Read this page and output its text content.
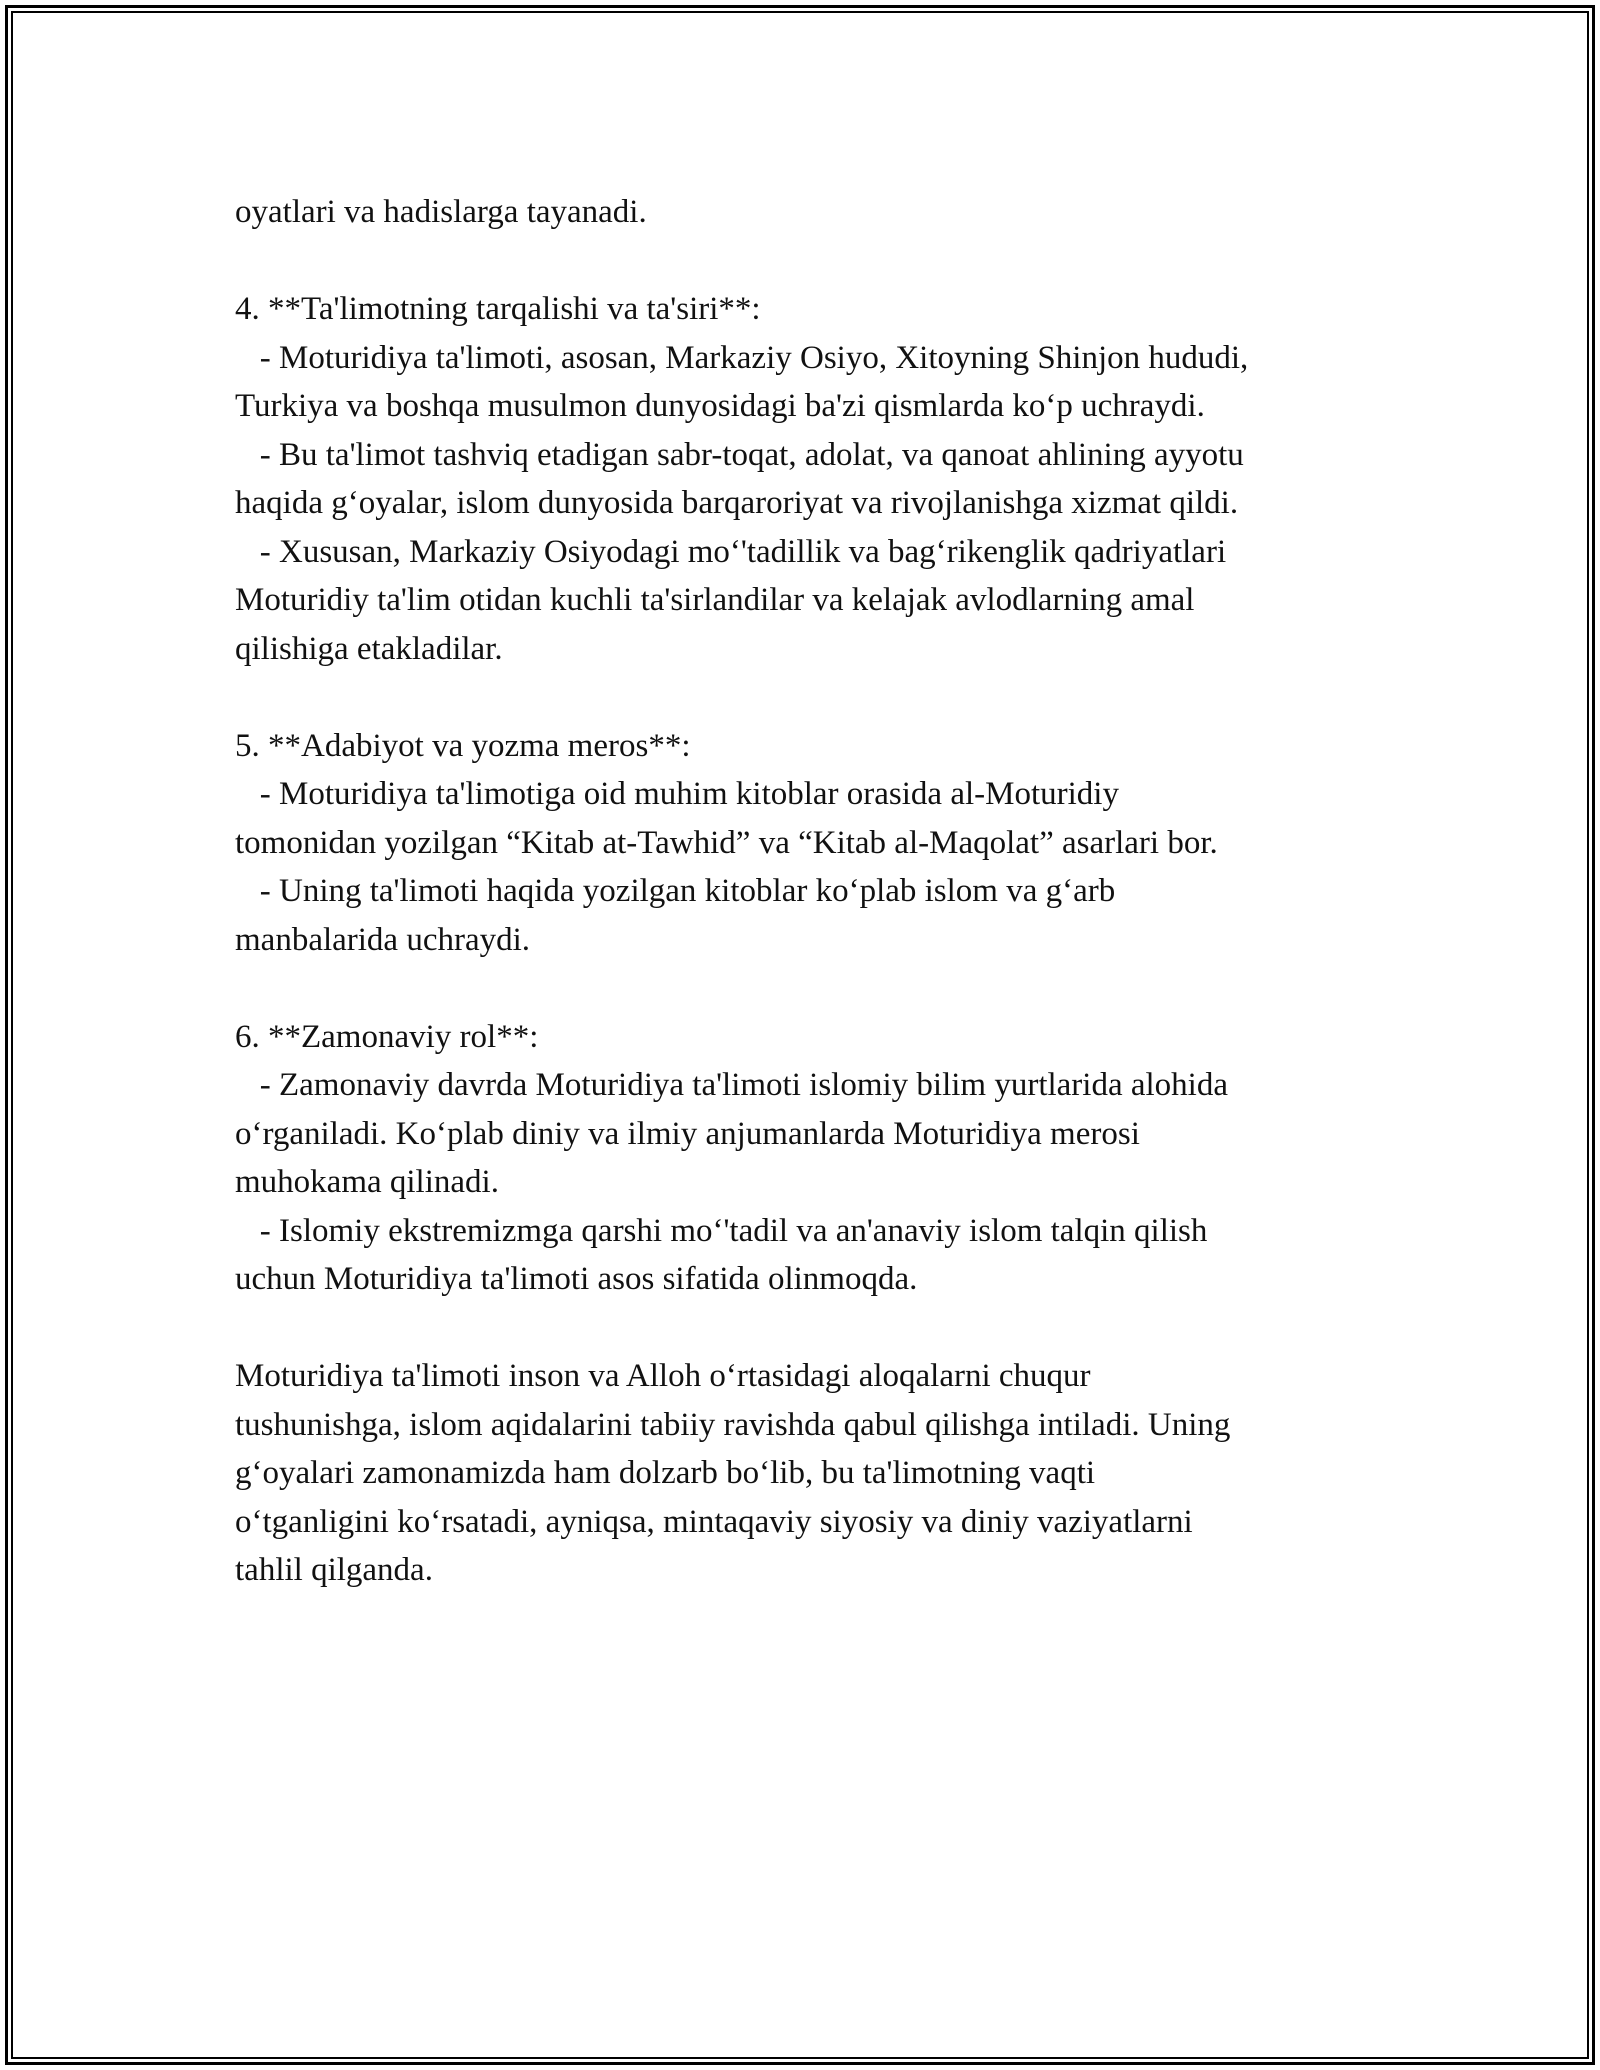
oyatlari va hadislarga tayanadi.
4. **Ta'limotning tarqalishi va ta'siri**:
- Moturidiya ta'limoti, asosan, Markaziy Osiyo, Xitoyning Shinjon hududi,
Turkiya va boshqa musulmon dunyosidagi ba'zi qismlarda koʻp uchraydi.
- Bu ta'limot tashviq etadigan sabr-toqat, adolat, va qanoat ahlining ayyotu
haqida gʻoyalar, islom dunyosida barqaroriyat va rivojlanishga xizmat qildi.
- Xususan, Markaziy Osiyodagi moʻ'tadillik va bagʻrikenglik qadriyatlari
Moturidiy ta'lim otidan kuchli ta'sirlandilar va kelajak avlodlarning amal
qilishiga etakladilar.
5. **Adabiyot va yozma meros**:
- Moturidiya ta'limotiga oid muhim kitoblar orasida al-Moturidiy
tomonidan yozilgan “Kitab at-Tawhid” va “Kitab al-Maqolat” asarlari bor.
- Uning ta'limoti haqida yozilgan kitoblar koʻplab islom va gʻarb
manbalarida uchraydi.
6. **Zamonaviy rol**:
- Zamonaviy davrda Moturidiya ta'limoti islomiy bilim yurtlarida alohida
oʻrganiladi. Koʻplab diniy va ilmiy anjumanlarda Moturidiya merosi
muhokama qilinadi.
- Islomiy ekstremizmga qarshi moʻ'tadil va an'anaviy islom talqin qilish
uchun Moturidiya ta'limoti asos sifatida olinmoqda.
Moturidiya ta'limoti inson va Alloh oʻrtasidagi aloqalarni chuqur
tushunishga, islom aqidalarini tabiiy ravishda qabul qilishga intiladi. Uning
gʻoyalari zamonamizda ham dolzarb boʻlib, bu ta'limotning vaqti
oʻtganligini koʻrsatadi, ayniqsa, mintaqaviy siyosiy va diniy vaziyatlarni
tahlil qilganda.
